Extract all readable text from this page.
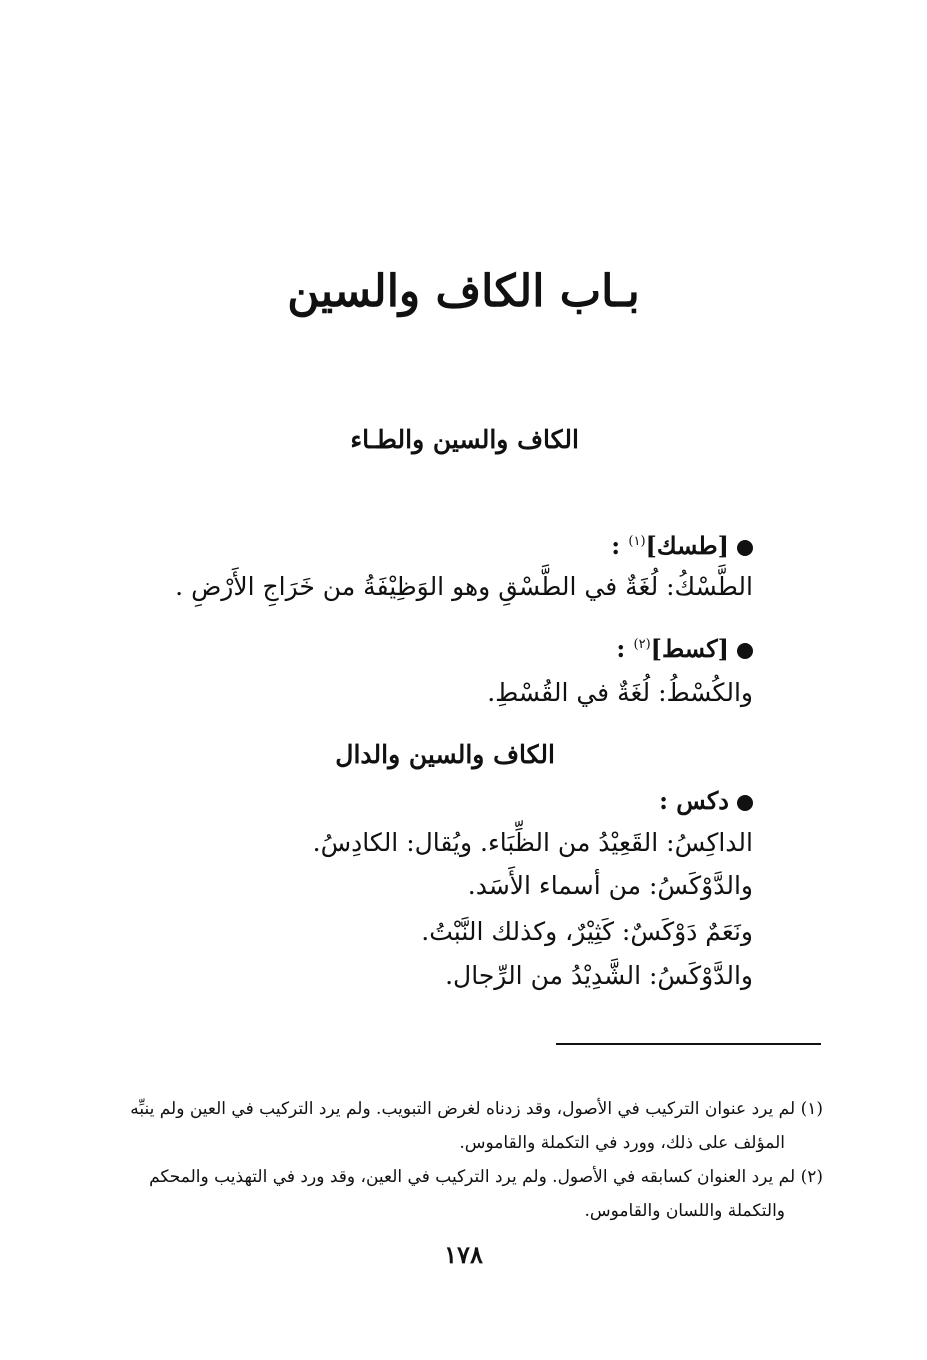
بـاب الكاف والسين
الكاف والسين والطـاء
[طسك]$^{(١)}$ :
الطَّسْكُ: لُغَةٌ في الطَّسْقِ وهو الوَظِيْفَةُ من خَرَاجِ الأَرْضِ .
[كسط]$^{(٢)}$ :
والكُسْطُ: لُغَةٌ في القُسْطِ.
الكاف والسين والدال
دكس :
الداكِسُ: القَعِيْدُ من الظِّبَاء. ويُقال: الكادِسُ.
والدَّوْكَسُ: من أسماء الأَسَد.
ونَعَمٌ دَوْكَسٌ: كَثِيْرٌ، وكذلك النَّبْتُ.
والدَّوْكَسُ: الشَّدِيْدُ من الرِّجال.
(١) لم يرد عنوان التركيب في الأصول، وقد زدناه لغرض التبويب. ولم يرد التركيب في العين ولم ينبِّه
المؤلف على ذلك، وورد في التكملة والقاموس.
(٢) لم يرد العنوان كسابقه في الأصول. ولم يرد التركيب في العين، وقد ورد في التهذيب والمحكم
والتكملة واللسان والقاموس.
١٧٨
